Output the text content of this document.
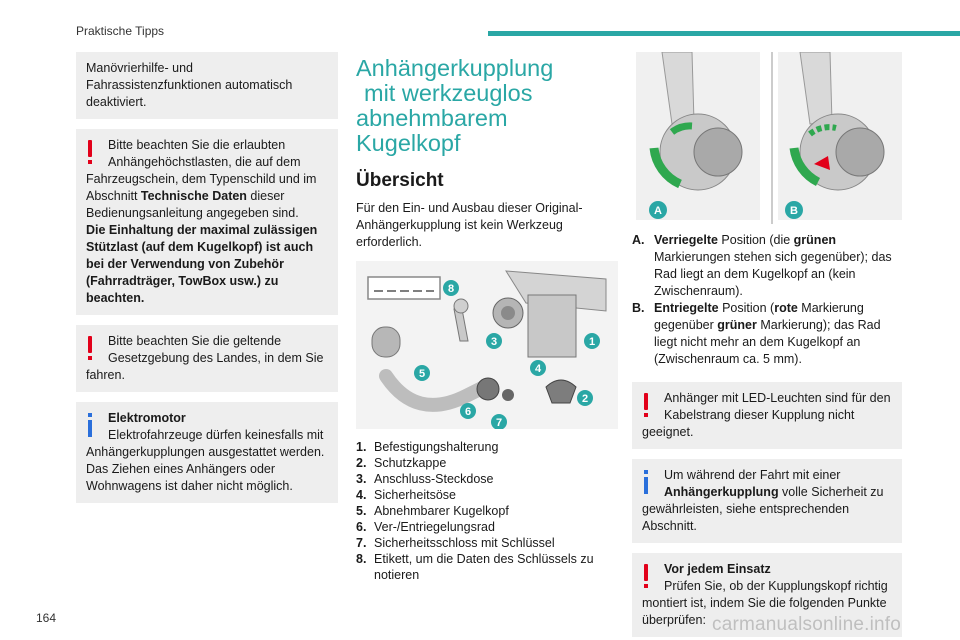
Praktische Tipps
Manövrierhilfe- und Fahrassistenzfunktionen automatisch deaktiviert.
Bitte beachten Sie die erlaubten Anhängehöchstlasten, die auf dem
Fahrzeugschein, dem Typenschild und im Abschnitt Technische Daten dieser Bedienungsanleitung angegeben sind.
Die Einhaltung der maximal zulässigen Stützlast (auf dem Kugelkopf) ist auch bei der Verwendung von Zubehör (Fahrradträger, TowBox usw.) zu beachten.
Bitte beachten Sie die geltende Gesetzgebung des Landes, in dem Sie
fahren.
Elektromotor
Elektrofahrzeuge dürfen keinesfalls mit
Anhängerkupplungen ausgestattet werden. Das Ziehen eines Anhängers oder Wohnwagens ist daher nicht möglich.
Anhängerkupplung
mit werkzeuglos
abnehmbarem Kugelkopf
Übersicht
Für den Ein- und Ausbau dieser Original-Anhängerkupplung ist kein Werkzeug erforderlich.
8
3	1
4
5
2
6
7
1. Befestigungshalterung
2. Schutzkappe
3. Anschluss-Steckdose
4. Sicherheitsöse
5. Abnehmbarer Kugelkopf
6. Ver-/Entriegelungsrad
7. Sicherheitsschloss mit Schlüssel
8. Etikett, um die Daten des Schlüssels zu notieren
A	B
A. Verriegelte Position (die grünen Markierungen stehen sich gegenüber); das Rad liegt an dem Kugelkopf an (kein Zwischenraum).
B. Entriegelte Position (rote Markierung gegenüber grüner Markierung); das Rad liegt nicht mehr an dem Kugelkopf an (Zwischenraum ca. 5 mm).
Anhänger mit LED-Leuchten sind für den Kabelstrang dieser Kupplung nicht
geeignet.
Um während der Fahrt mit einer Anhängerkupplung volle Sicherheit zu
gewährleisten, siehe entsprechenden Abschnitt.
Vor jedem Einsatz
Prüfen Sie, ob der Kupplungskopf richtig
montiert ist, indem Sie die folgenden Punkte überprüfen:
164	carmanualsonline.info
